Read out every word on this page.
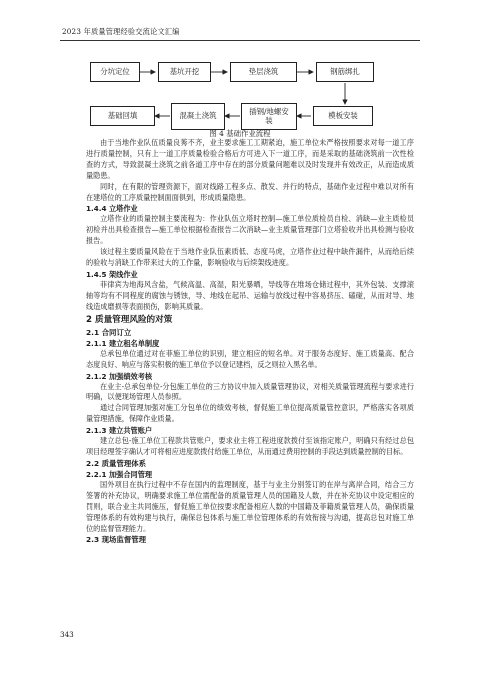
2023 年质量管理经验交流论文汇编
分坑定位	基坑开挖	垫层浇筑	钢筋绑扎
模板安装
插钢/地螺安装
混凝土浇筑
基础回填
图 4 基础作业流程

由于当地作业队伍质量良莠不齐，业主要求施工工期紧迫，施工单位未严格按照要求对每一道工序进行质量控制，只有上一道工序质量检验合格后方可进入下一道工序，而是采取的基础浇筑前一次性检查的方式，导致混凝土浇筑之前各道工序中存在的部分质量问题难以及时发现并有效改正，从而造成质量隐患。

同时，在有限的管理资源下，面对线路工程多点、散发、并行的特点，基础作业过程中难以对所有在建塔位的工序质量控制面面俱到，形成质量隐患。

1.4.4 立塔作业

立塔作业的质量控制主要流程为：作业队伍立塔时控制—施工单位质检员自检、消缺—业主质检员初检并出具检查报告—施工单位根据检查报告二次消缺—业主质量管理部门立塔验收并出具检测与验收报告。

该过程主要质量风险在于当地作业队伍素质低、态度马虎，立塔作业过程中缺件漏件，从而给后续的验收与消缺工作带来过大的工作量，影响验收与后续架线进度。

1.4.5 架线作业

菲律宾为地海风含盐，气候高温、高湿，阳光暴晒，导线等在堆场仓储过程中，其外包装、支撑滚轴等均有不同程度的腐蚀与锈蚀，导、地线在起吊、运输与放线过程中容易挤压、磕碰，从而对导、地线造成磨损等表面损伤，影响其质量。

2 质量管理风险的对策
2.1 合同订立
2.1.1 建立租名单制度

总承包单位通过对在菲施工单位的识别，建立相应的短名单。对于服务态度好、施工质量高、配合态度良好、响应与落实积极的施工单位予以登记建档，反之则拉入黑名单。

2.1.2 加强绩效考核

在业主-总承包单位-分包施工单位的三方协议中加入质量管理协议，对相关质量管理流程与要求进行明确，以便现场管理人员参照。

通过合同管理加强对施工分包单位的绩效考核，督促施工单位提高质量管控意识，严格落实各项质量管理措施，保障作业质量。

2.1.3 建立共管账户

建立总包-施工单位工程款共管账户，要求业主将工程进度款拨付至该指定账户，明确只有经过总包项目经理签字确认才可将相应进度款拨付给施工单位，从而通过费用控制的手段达到质量控制的目标。

2.2 质量管理体系
2.2.1 加强合同管理

国外项目在执行过程中不存在国内的监理制度，基于与业主分别签订的在岸与离岸合同，结合三方签署的补充协议，明确要求施工单位需配备的质量管理人员的国籍及人数，并在补充协议中设定相应的罚则，联合业主共同施压，督促施工单位按要求配备相应人数的中国籍及菲籍质量管理人员，确保质量管理体系的有效构建与执行，确保总包体系与施工单位管理体系的有效衔接与沟通，提高总包对施工单位的监督管理能力。

2.3 现场监督管理
343
